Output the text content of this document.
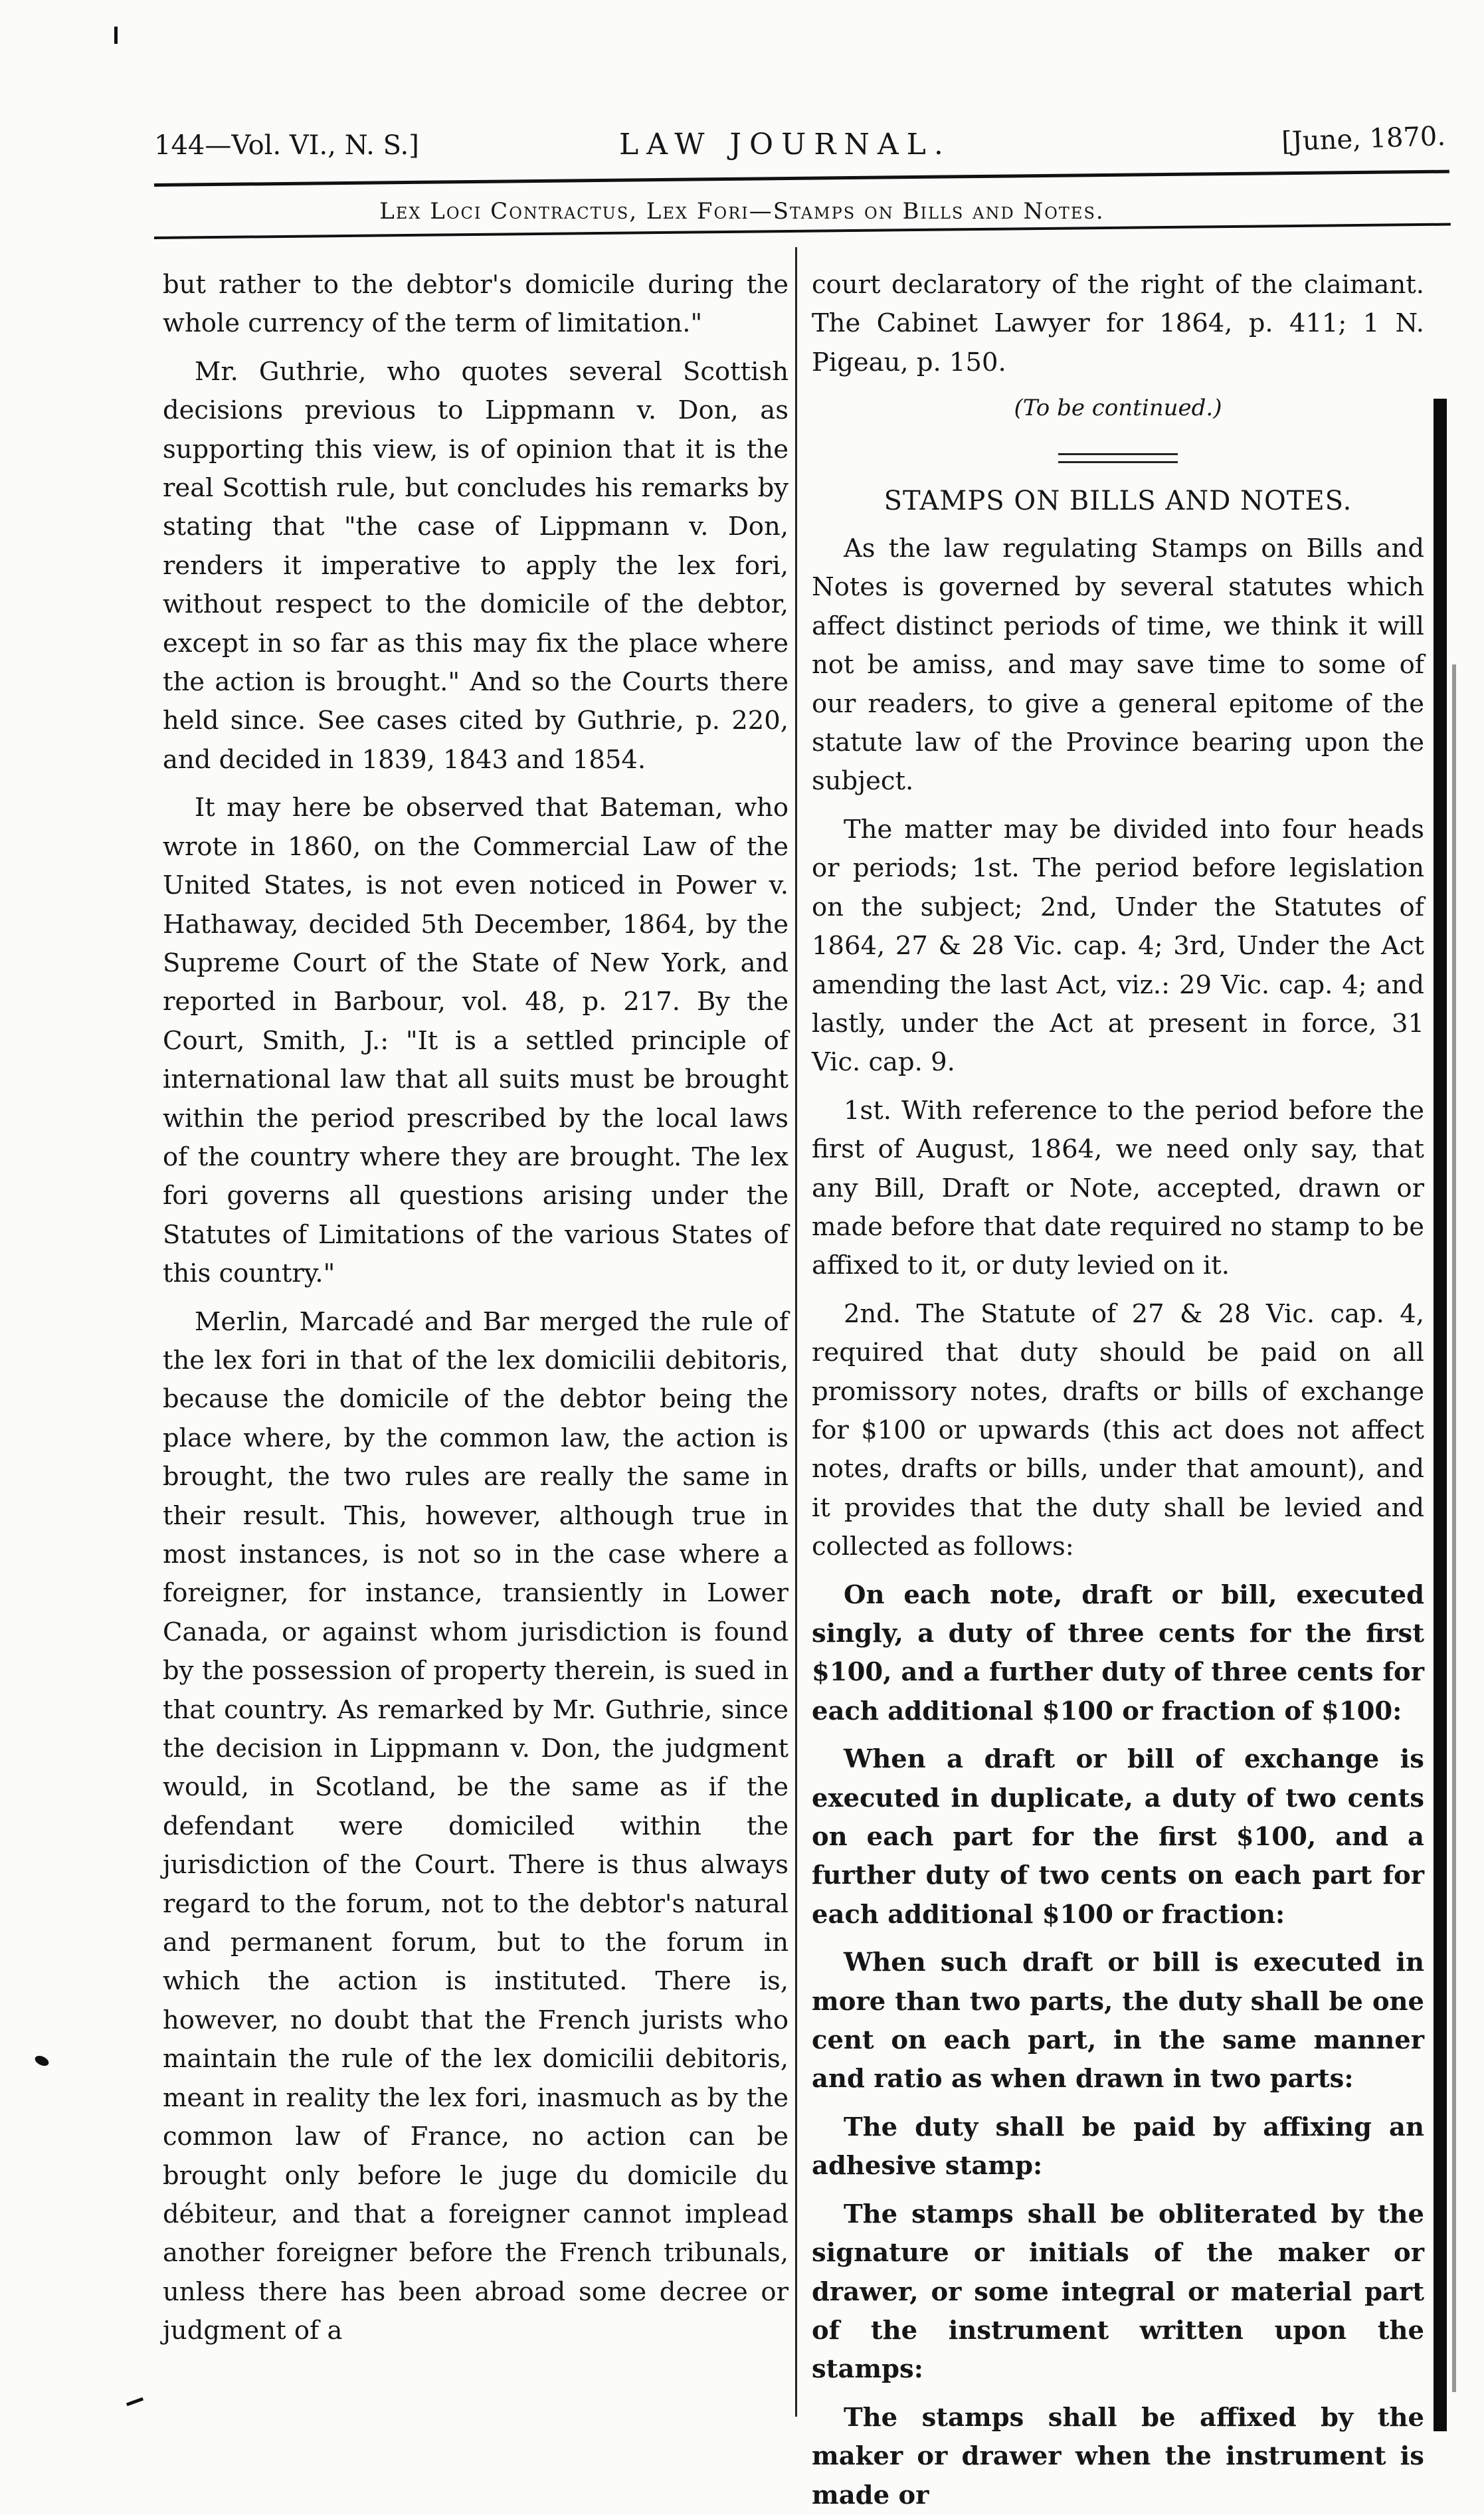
144—Vol. VI., N. S.]	LAW JOURNAL.	[June, 1870.
Lex Loci Contractus, Lex Fori—Stamps on Bills and Notes.

but rather to the debtor's domicile during the whole currency of the term of limitation."

Mr. Guthrie, who quotes several Scottish decisions previous to Lippmann v. Don, as supporting this view, is of opinion that it is the real Scottish rule, but concludes his remarks by stating that "the case of Lippmann v. Don, renders it imperative to apply the lex fori, without respect to the domicile of the debtor, except in so far as this may fix the place where the action is brought." And so the Courts there held since. See cases cited by Guthrie, p. 220, and decided in 1839, 1843 and 1854.

It may here be observed that Bateman, who wrote in 1860, on the Commercial Law of the United States, is not even noticed in Power v. Hathaway, decided 5th December, 1864, by the Supreme Court of the State of New York, and reported in Barbour, vol. 48, p. 217. By the Court, Smith, J.: "It is a settled principle of international law that all suits must be brought within the period prescribed by the local laws of the country where they are brought. The lex fori governs all questions arising under the Statutes of Limitations of the various States of this country."

Merlin, Marcadé and Bar merged the rule of the lex fori in that of the lex domicilii debitoris, because the domicile of the debtor being the place where, by the common law, the action is brought, the two rules are really the same in their result. This, however, although true in most instances, is not so in the case where a foreigner, for instance, transiently in Lower Canada, or against whom jurisdiction is found by the possession of property therein, is sued in that country. As remarked by Mr. Guthrie, since the decision in Lippmann v. Don, the judgment would, in Scotland, be the same as if the defendant were domiciled within the jurisdiction of the Court. There is thus always regard to the forum, not to the debtor's natural and permanent forum, but to the forum in which the action is instituted. There is, however, no doubt that the French jurists who maintain the rule of the lex domicilii debitoris, meant in reality the lex fori, inasmuch as by the common law of France, no action can be brought only before le juge du domicile du débiteur, and that a foreigner cannot implead another foreigner before the French tribunals, unless there has been abroad some decree or judgment of a

court declaratory of the right of the claimant. The Cabinet Lawyer for 1864, p. 411; 1 N. Pigeau, p. 150.

(To be continued.)
STAMPS ON BILLS AND NOTES.

As the law regulating Stamps on Bills and Notes is governed by several statutes which affect distinct periods of time, we think it will not be amiss, and may save time to some of our readers, to give a general epitome of the statute law of the Province bearing upon the subject.

The matter may be divided into four heads or periods; 1st. The period before legislation on the subject; 2nd, Under the Statutes of 1864, 27 & 28 Vic. cap. 4; 3rd, Under the Act amending the last Act, viz.: 29 Vic. cap. 4; and lastly, under the Act at present in force, 31 Vic. cap. 9.

1st. With reference to the period before the first of August, 1864, we need only say, that any Bill, Draft or Note, accepted, drawn or made before that date required no stamp to be affixed to it, or duty levied on it.

2nd. The Statute of 27 & 28 Vic. cap. 4, required that duty should be paid on all promissory notes, drafts or bills of exchange for $100 or upwards (this act does not affect notes, drafts or bills, under that amount), and it provides that the duty shall be levied and collected as follows:

On each note, draft or bill, executed singly, a duty of three cents for the first $100, and a further duty of three cents for each additional $100 or fraction of $100:

When a draft or bill of exchange is executed in duplicate, a duty of two cents on each part for the first $100, and a further duty of two cents on each part for each additional $100 or fraction:

When such draft or bill is executed in more than two parts, the duty shall be one cent on each part, in the same manner and ratio as when drawn in two parts:

The duty shall be paid by affixing an adhesive stamp:

The stamps shall be obliterated by the signature or initials of the maker or drawer, or some integral or material part of the instrument written upon the stamps:

The stamps shall be affixed by the maker or drawer when the instrument is made or
